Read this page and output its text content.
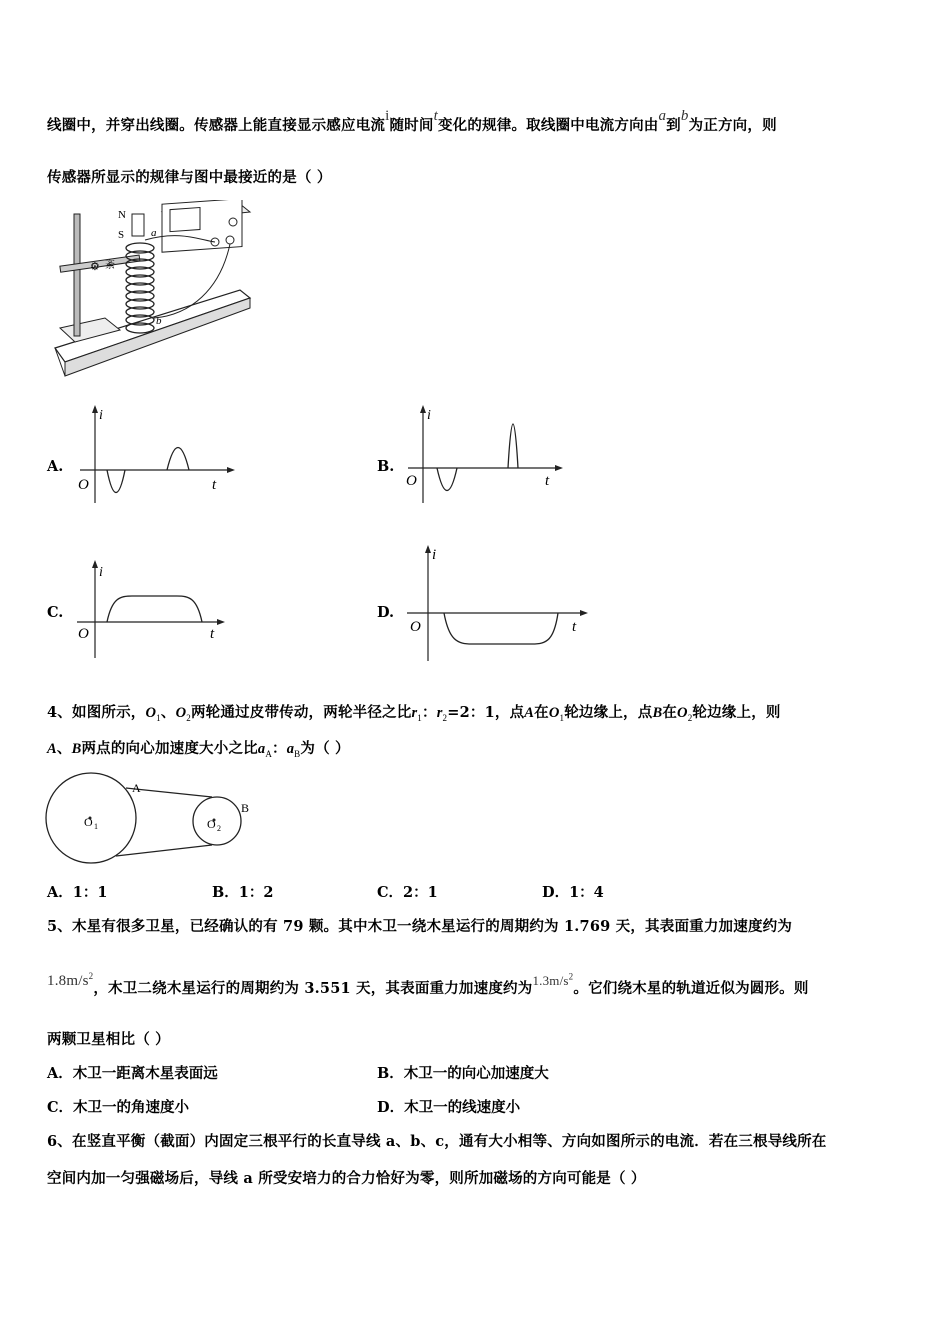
线圈中，并穿出线圈。传感器上能直接显示感应电流i随时间t变化的规律。取线圈中电流方向由a到b为正方向，则
传感器所显示的规律与图中最接近的是（ ）
⚙ 紊
N
S a
b
A.
i
t
O
B.
i
t
O
C.
i
t
O
D.
i
t
O
4、如图所示，$O_1$、$O_2$两轮通过皮带传动，两轮半径之比$r_1$：$r_2=2$：1，点A在$O_1$轮边缘上，点B在$O_2$轮边缘上，则
A、B两点的向心加速度大小之比$a_A$：$a_B$为（ ）
O 1	O 2
A
B
A．1：1	B．1：2	C．2：1	D．1：4
5、木星有很多卫星，已经确认的有 79 颗。其中木卫一绕木星运行的周期约为 1.769 天，其表面重力加速度约为
$1.8m/s^2$，木卫二绕木星运行的周期约为 3.551 天，其表面重力加速度约为$1.3m/s^2$。它们绕木星的轨道近似为圆形。则
两颗卫星相比（ ）
A．木卫一距离木星表面远	B．木卫一的向心加速度大
C．木卫一的角速度小	D．木卫一的线速度小
6、在竖直平衡（截面）内固定三根平行的长直导线 a、b、c，通有大小相等、方向如图所示的电流．若在三根导线所在
空间内加一匀强磁场后，导线 a 所受安培力的合力恰好为零，则所加磁场的方向可能是（ ）
